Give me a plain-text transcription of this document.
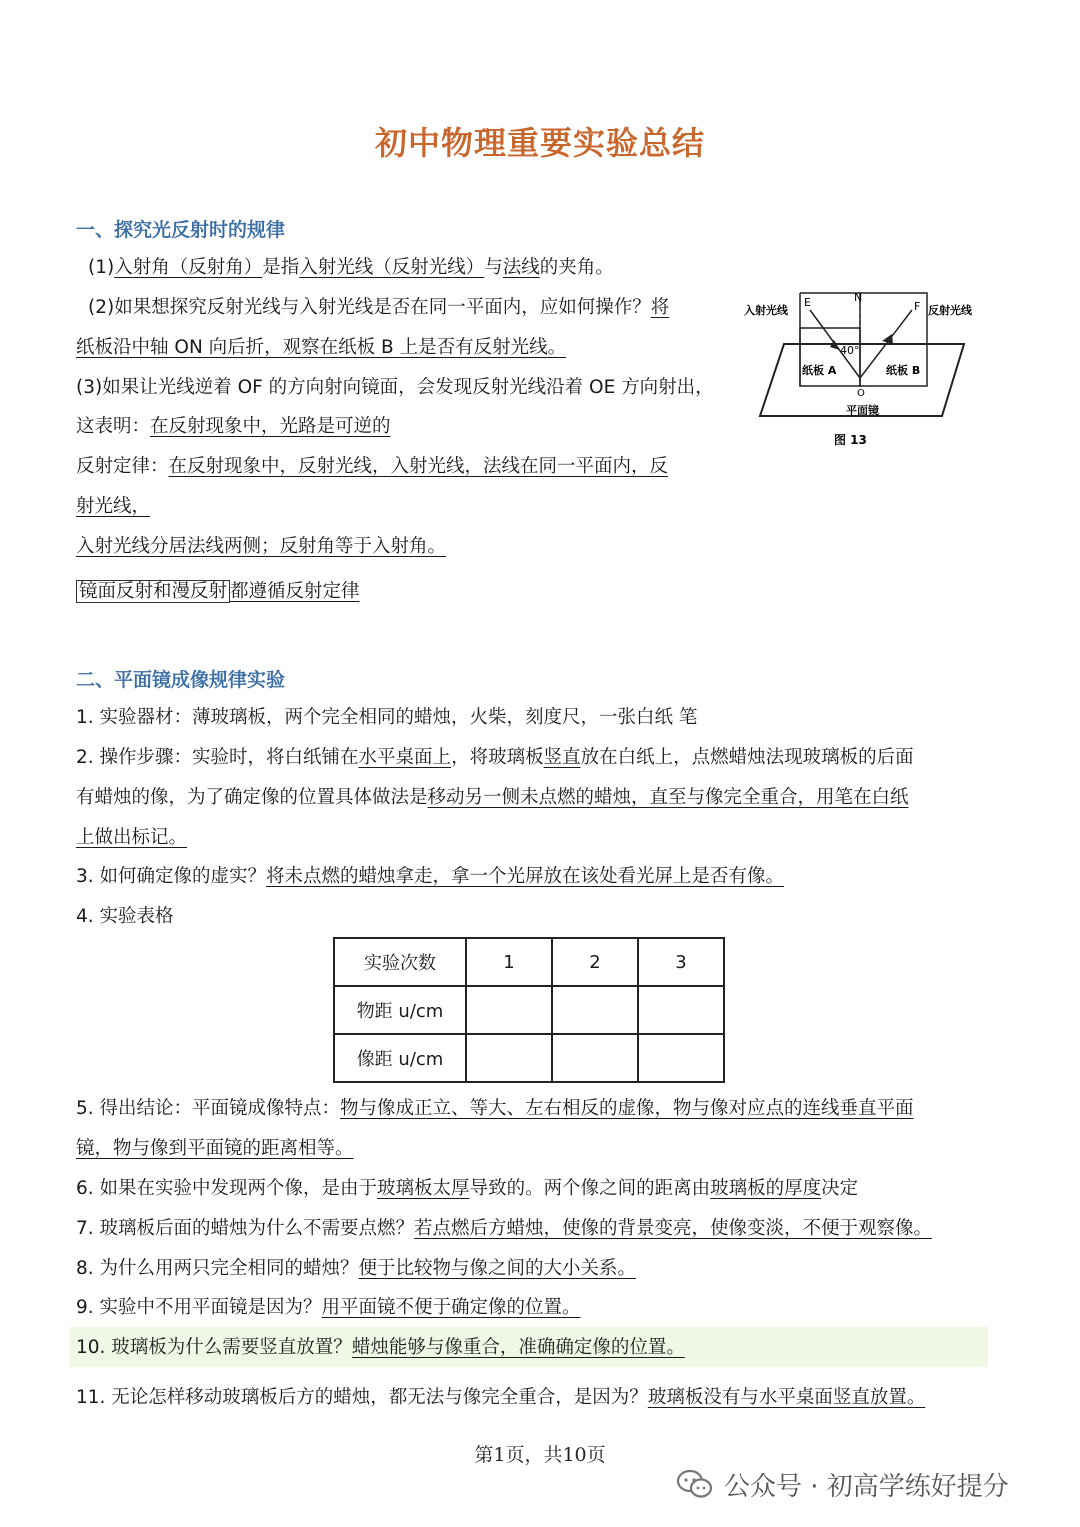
初中物理重要实验总结
一、探究光反射时的规律
(1)入射角（反射角）是指入射光线（反射光线）与法线的夹角。
(2)如果想探究反射光线与入射光线是否在同一平面内，应如何操作？将
纸板沿中轴 ON 向后折，观察在纸板 B 上是否有反射光线。
(3)如果让光线逆着 OF 的方向射向镜面，会发现反射光线沿着 OE 方向射出，
这表明：在反射现象中，光路是可逆的
反射定律：在反射现象中，反射光线，入射光线，法线在同一平面内，反
射光线，
入射光线分居法线两侧；反射角等于入射角。
镜面反射和漫反射 都遵循反射定律
入射光线	反射光线
E	N
F
40°
纸板 A	纸板 B
O
平面镜
图 13
二、平面镜成像规律实验
1. 实验器材：薄玻璃板，两个完全相同的蜡烛，火柴，刻度尺，一张白纸 笔
2. 操作步骤：实验时，将白纸铺在水平桌面上，将玻璃板竖直放在白纸上，点燃蜡烛法现玻璃板的后面
有蜡烛的像，为了确定像的位置具体做法是移动另一侧未点燃的蜡烛，直至与像完全重合，用笔在白纸
上做出标记。
3. 如何确定像的虚实？将未点燃的蜡烛拿走，拿一个光屏放在该处看光屏上是否有像。
4. 实验表格
实验次数	1	2	3
物距 u/cm			
像距 u/cm			
5. 得出结论：平面镜成像特点：物与像成正立、等大、左右相反的虚像，物与像对应点的连线垂直平面
镜，物与像到平面镜的距离相等。
6. 如果在实验中发现两个像，是由于玻璃板太厚导致的。两个像之间的距离由玻璃板的厚度决定
7. 玻璃板后面的蜡烛为什么不需要点燃？若点燃后方蜡烛，使像的背景变亮，使像变淡，不便于观察像。
8. 为什么用两只完全相同的蜡烛？便于比较物与像之间的大小关系。
9. 实验中不用平面镜是因为？用平面镜不便于确定像的位置。
10. 玻璃板为什么需要竖直放置？蜡烛能够与像重合，准确确定像的位置。
11. 无论怎样移动玻璃板后方的蜡烛，都无法与像完全重合，是因为？玻璃板没有与水平桌面竖直放置。
第1页，共10页
公众号 · 初高学练好提分
